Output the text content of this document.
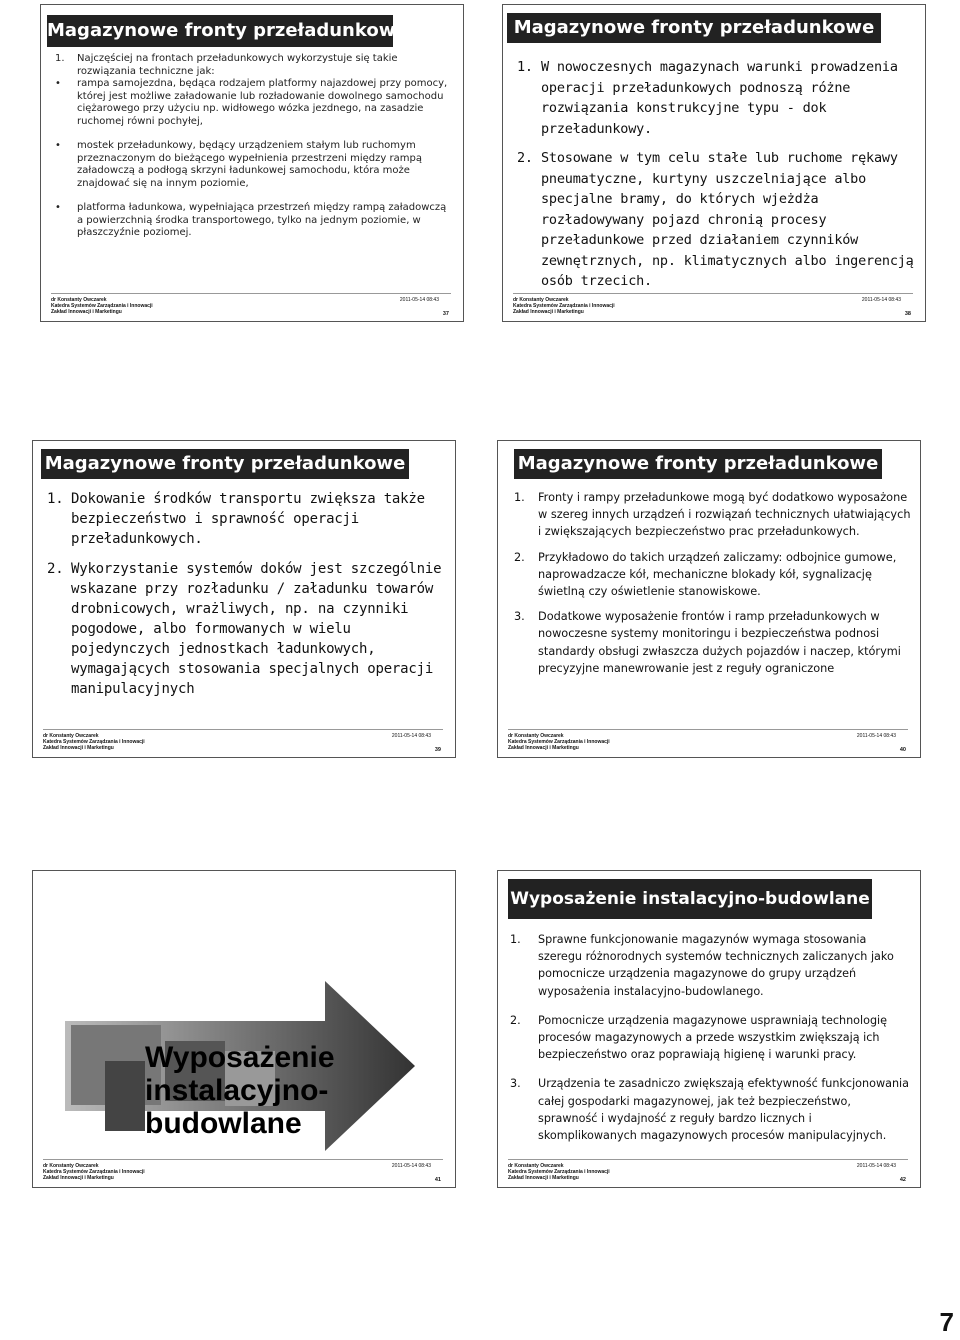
Magazynowe fronty przeładunkowe
1.	Najczęściej na frontach przeładunkowych wykorzystuje się takie rozwiązania techniczne jak:
•	rampa samojezdna, będąca rodzajem platformy najazdowej przy pomocy, której jest możliwe załadowanie lub rozładowanie dowolnego samochodu ciężarowego przy użyciu np. widłowego wózka jezdnego, na zasadzie ruchomej równi pochyłej,
•	mostek przeładunkowy, będący urządzeniem stałym lub ruchomym przeznaczonym do bieżącego wypełnienia przestrzeni między rampą załadowczą a podłogą skrzyni ładunkowej samochodu, która może znajdować się na innym poziomie,
•	platforma ładunkowa, wypełniająca przestrzeń między rampą załadowczą a powierzchnią środka transportowego, tylko na jednym poziomie, w płaszczyźnie poziomej.
dr Konstanty Owczarek
Katedra Systemów Zarządzania i Innowacji
Zakład Innowacji i Marketingu
2011-05-14 08:43
37
Magazynowe fronty przeładunkowe
1. W nowoczesnych magazynach warunki prowadzenia operacji przeładunkowych podnoszą różne rozwiązania konstrukcyjne typu - dok przeładunkowy.
2. Stosowane w tym celu stałe lub ruchome rękawy pneumatyczne, kurtyny uszczelniające albo specjalne bramy, do których wjeżdża rozładowywany pojazd chronią procesy przeładunkowe przed działaniem czynników zewnętrznych, np. klimatycznych albo ingerencją osób trzecich.
dr Konstanty Owczarek
Katedra Systemów Zarządzania i Innowacji
Zakład Innowacji i Marketingu
2011-05-14 08:43
38
Magazynowe fronty przeładunkowe
1. Dokowanie środków transportu zwiększa także bezpieczeństwo i sprawność operacji przeładunkowych.
2. Wykorzystanie systemów doków jest szczególnie wskazane przy rozładunku / załadunku towarów drobnicowych, wrażliwych, np. na czynniki pogodowe, albo formowanych w wielu pojedynczych jednostkach ładunkowych, wymagających stosowania specjalnych operacji manipulacyjnych
dr Konstanty Owczarek
Katedra Systemów Zarządzania i Innowacji
Zakład Innowacji i Marketingu
2011-05-14 08:43
39
Magazynowe fronty przeładunkowe
1.	Fronty i rampy przeładunkowe mogą być dodatkowo wyposażone w szereg innych urządzeń i rozwiązań technicznych ułatwiających i zwiększających bezpieczeństwo prac przeładunkowych.
2.	Przykładowo do takich urządzeń zaliczamy: odbojnice gumowe, naprowadzacze kół, mechaniczne blokady kół, sygnalizację świetlną czy oświetlenie stanowiskowe.
3.	Dodatkowe wyposażenie frontów i ramp przeładunkowych w nowoczesne systemy monitoringu i bezpieczeństwa podnosi standardy obsługi zwłaszcza dużych pojazdów i naczep, którymi precyzyjne manewrowanie jest z reguły ograniczone
dr Konstanty Owczarek
Katedra Systemów Zarządzania i Innowacji
Zakład Innowacji i Marketingu
2011-05-14 08:43
40
Wyposażenie instalacyjno-budowlane
dr Konstanty Owczarek
Katedra Systemów Zarządzania i Innowacji
Zakład Innowacji i Marketingu
2011-05-14 08:43
41
Wyposażenie instalacyjno-budowlane
1.	Sprawne funkcjonowanie magazynów wymaga stosowania szeregu różnorodnych systemów technicznych zaliczanych jako pomocnicze urządzenia magazynowe do grupy urządzeń wyposażenia instalacyjno-budowlanego.
2.	Pomocnicze urządzenia magazynowe usprawniają technologię procesów magazynowych a przede wszystkim zwiększają ich bezpieczeństwo oraz poprawiają higienę i warunki pracy.
3.	Urządzenia te zasadniczo zwiększają efektywność funkcjonowania całej gospodarki magazynowej, jak też bezpieczeństwo, sprawność i wydajność z reguły bardzo licznych i skomplikowanych magazynowych procesów manipulacyjnych.
dr Konstanty Owczarek
Katedra Systemów Zarządzania i Innowacji
Zakład Innowacji i Marketingu
2011-05-14 08:43
42
7
